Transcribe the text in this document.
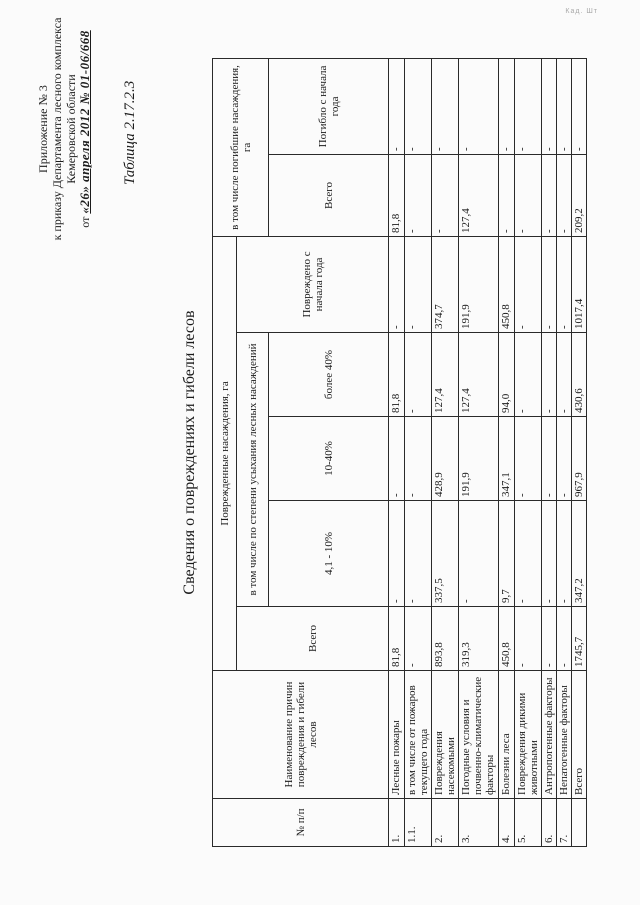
Кад. Шт
Приложение № 3 к приказу Департамента лесного комплекса Кемеровской области
от «26» апреля 2012 № 01-06/668 Таблица 2.17.2.3
Сведения о повреждениях и гибели лесов
№ п/п	Наименование причин повреждения и гибели лесов	Поврежденные насаждения, га					в том числе погибшие насаждения, га	
		Всего	в том числе по степени усыхания лесных насаждений			Повреждено с начала года		
			4,1 - 10%	10-40%	более 40%		Всего	Погибло с начала года
1.	Лесные пожары	81,8	-	-	81,8	-	81,8	-
1.1.	в том числе от пожаров текущего года	-	-	-	-	-	-	-
2.	Повреждения насекомыми	893,8	337,5	428,9	127,4	374,7	-	-
3.	Погодные условия и почвенно-климатические факторы	319,3	-	191,9	127,4	191,9	127,4	-
4.	Болезни леса	450,8	9,7	347,1	94,0	450,8	-	-
5.	Повреждения дикими животными	-	-	-	-	-	-	-
6.	Антропогенные факторы	-	-	-	-	-	-	-
7.	Непатогенные факторы	-	-	-	-	-	-	-
	Всего	1745,7	347,2	967,9	430,6	1017,4	209,2	-
